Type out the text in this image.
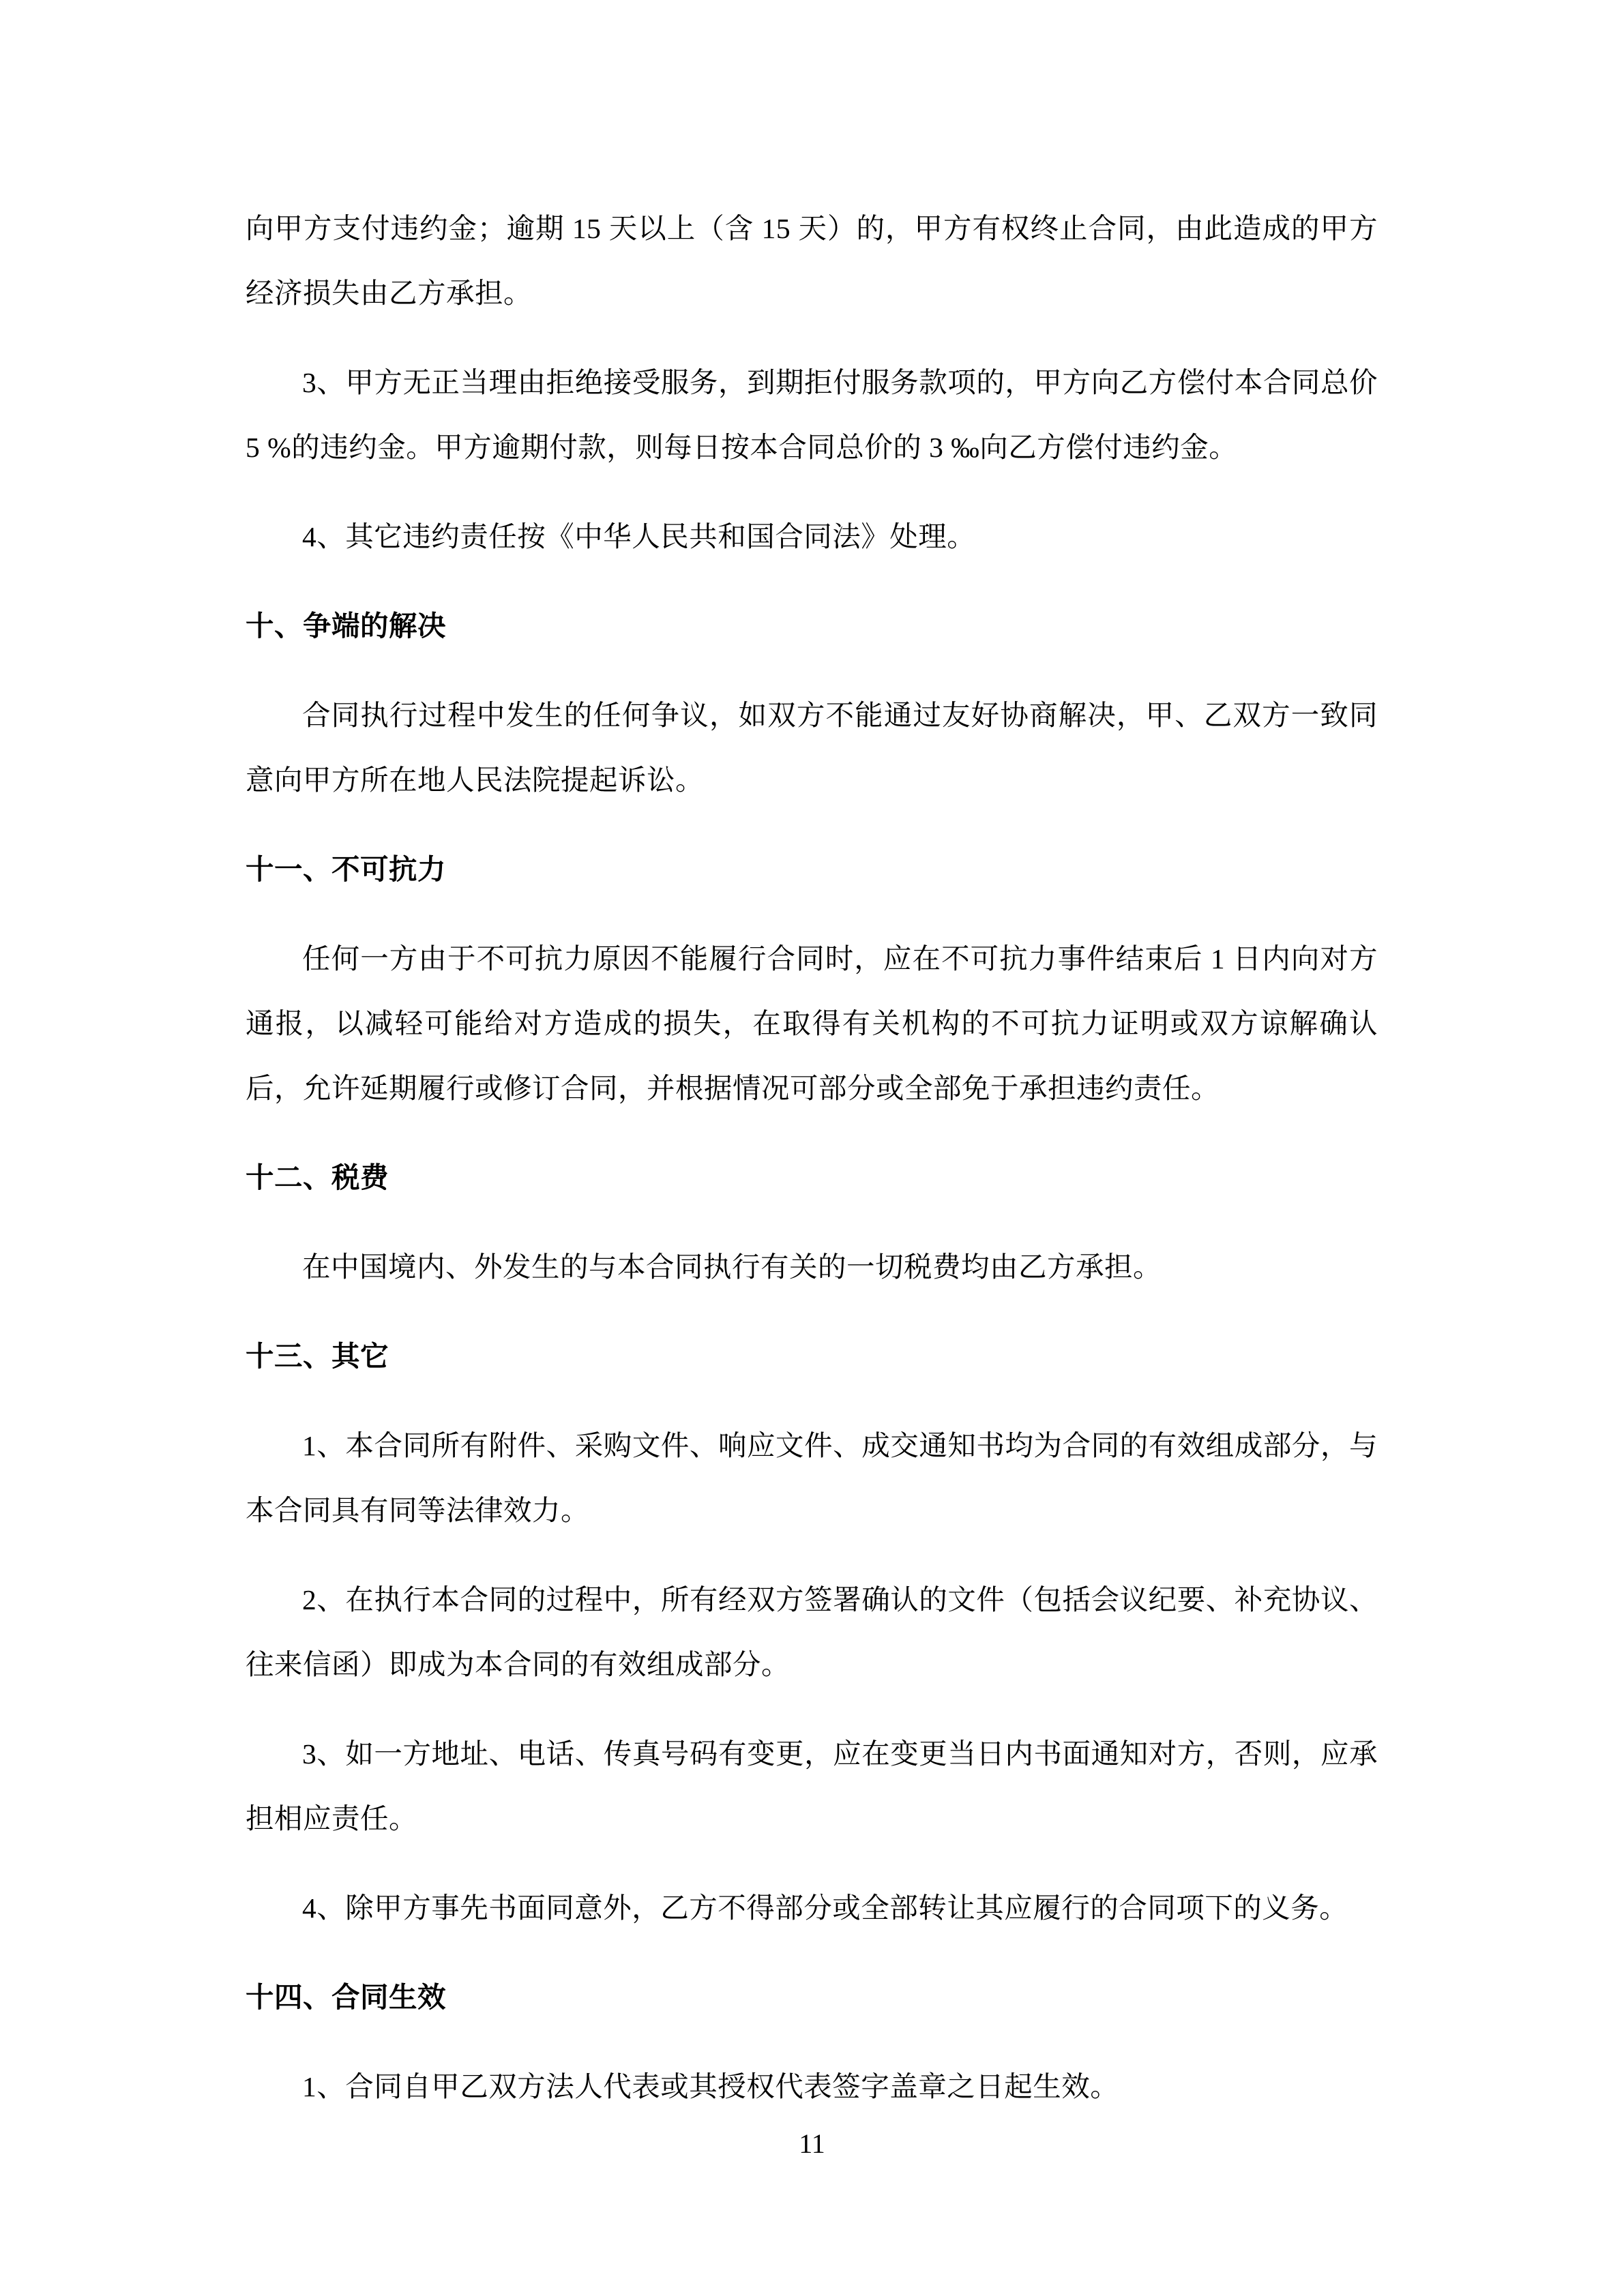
向甲方支付违约金；逾期 15 天以上（含 15 天）的，甲方有权终止合同，由此造成的甲方经济损失由乙方承担。

3、甲方无正当理由拒绝接受服务，到期拒付服务款项的，甲方向乙方偿付本合同总价 5 %的违约金。甲方逾期付款，则每日按本合同总价的 3 ‰向乙方偿付违约金。

4、其它违约责任按《中华人民共和国合同法》处理。

十、争端的解决

合同执行过程中发生的任何争议，如双方不能通过友好协商解决，甲、乙双方一致同意向甲方所在地人民法院提起诉讼。

十一、不可抗力

任何一方由于不可抗力原因不能履行合同时，应在不可抗力事件结束后 1 日内向对方通报，以减轻可能给对方造成的损失，在取得有关机构的不可抗力证明或双方谅解确认后，允许延期履行或修订合同，并根据情况可部分或全部免于承担违约责任。

十二、税费

在中国境内、外发生的与本合同执行有关的一切税费均由乙方承担。

十三、其它

1、本合同所有附件、采购文件、响应文件、成交通知书均为合同的有效组成部分，与本合同具有同等法律效力。

2、在执行本合同的过程中，所有经双方签署确认的文件（包括会议纪要、补充协议、往来信函）即成为本合同的有效组成部分。

3、如一方地址、电话、传真号码有变更，应在变更当日内书面通知对方，否则，应承担相应责任。

4、除甲方事先书面同意外，乙方不得部分或全部转让其应履行的合同项下的义务。

十四、合同生效

1、合同自甲乙双方法人代表或其授权代表签字盖章之日起生效。

11
